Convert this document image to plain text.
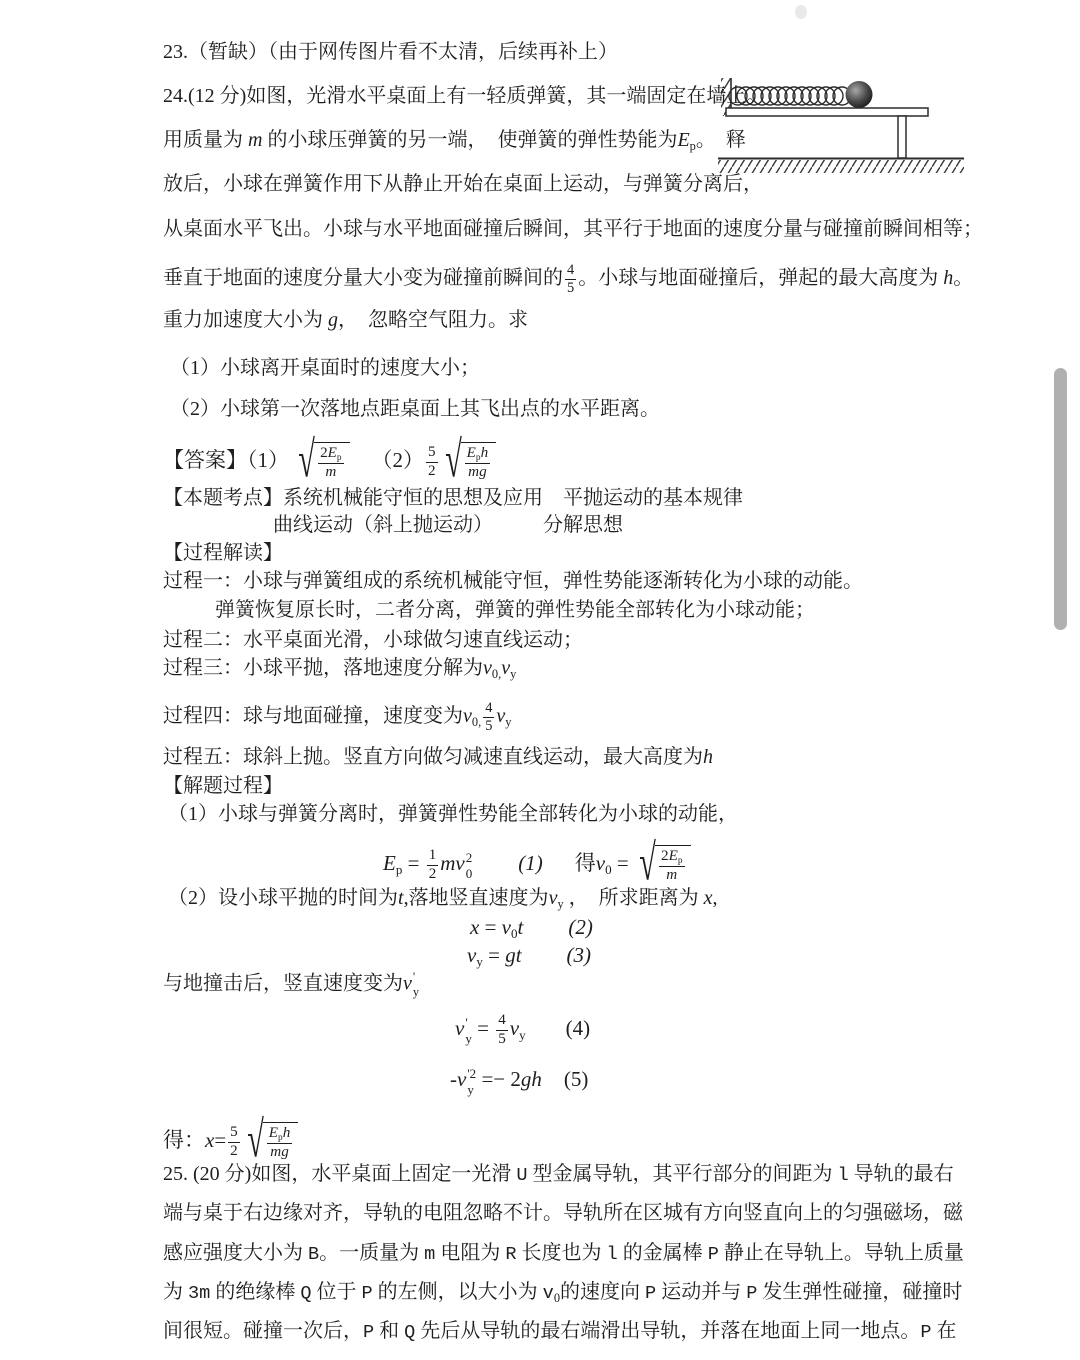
23.（暂缺）（由于网传图片看不太清，后续再补上）
24.(12 分)如图，光滑水平桌面上有一轻质弹簧，其一端固定在墙上。
用质量为 m 的小球压弹簧的另一端， 使弹簧的弹性势能为$E_p$。 释
放后，小球在弹簧作用下从静止开始在桌面上运动，与弹簧分离后，
从桌面水平飞出。小球与水平地面碰撞后瞬间，其平行于地面的速度分量与碰撞前瞬间相等；
垂直于地面的速度分量大小变为碰撞前瞬间的 $\frac{4}{5}$ 。小球与地面碰撞后，弹起的最大高度为 h。
重力加速度大小为 g， 忽略空气阻力。求
（1）小球离开桌面时的速度大小；
（2）小球第一次落地点距桌面上其飞出点的水平距离。
【答案】（1） √ $\frac{2E_p}{m} (2) \frac{5}{2}$ √ $\frac{E_ph}{mg}$
【本题考点】系统机械能守恒的思想及应用　平抛运动的基本规律
曲线运动（斜上抛运动）　　　分解思想
【过程解读】
过程一：小球与弹簧组成的系统机械能守恒，弹性势能逐渐转化为小球的动能。
弹簧恢复原长时，二者分离，弹簧的弹性势能全部转化为小球动能；
过程二：水平桌面光滑，小球做匀速直线运动；
过程三：小球平抛，落地速度分解为$v_{0,}v_y$
过程四：球与地面碰撞，速度变为$v_{0,} \frac{4}{5} v_y$
过程五：球斜上抛。竖直方向做匀减速直线运动，最大高度为h
【解题过程】
（1）小球与弹簧分离时，弹簧弹性势能全部转化为小球的动能，
$E_p = \frac{1}{2}$ mv 2
0 (1) 得$v_0$ = √ $\frac{2E_p}{m}$
（2）设小球平抛的时间为t,落地竖直速度为$v_y$ ， 所求距离为 x,
$x = v_0t$ (2)
$v_y$ = gt (3)
与地撞击后，竖直速度变为v '
y
v '
$y = \frac{4}{5} v_y$ (4)
-v '2
y =− 2gh (5)
得：$x= \frac{5}{2}$ √ $\frac{E_ph}{mg}$
25. (20 分)如图，水平桌面上固定一光滑 U 型金属导轨，其平行部分的间距为 l 导轨的最右
端与桌于右边缘对齐，导轨的电阻忽略不计。导轨所在区城有方向竖直向上的匀强磁场，磁
感应强度大小为 B。一质量为 m 电阻为 R 长度也为 l 的金属棒 P 静止在导轨上。导轨上质量
为 3m 的绝缘棒 Q 位于 P 的左侧，以大小为 $v_0$的速度向 P 运动并与 P 发生弹性碰撞，碰撞时
间很短。碰撞一次后，P 和 Q 先后从导轨的最右端滑出导轨，并落在地面上同一地点。P 在
